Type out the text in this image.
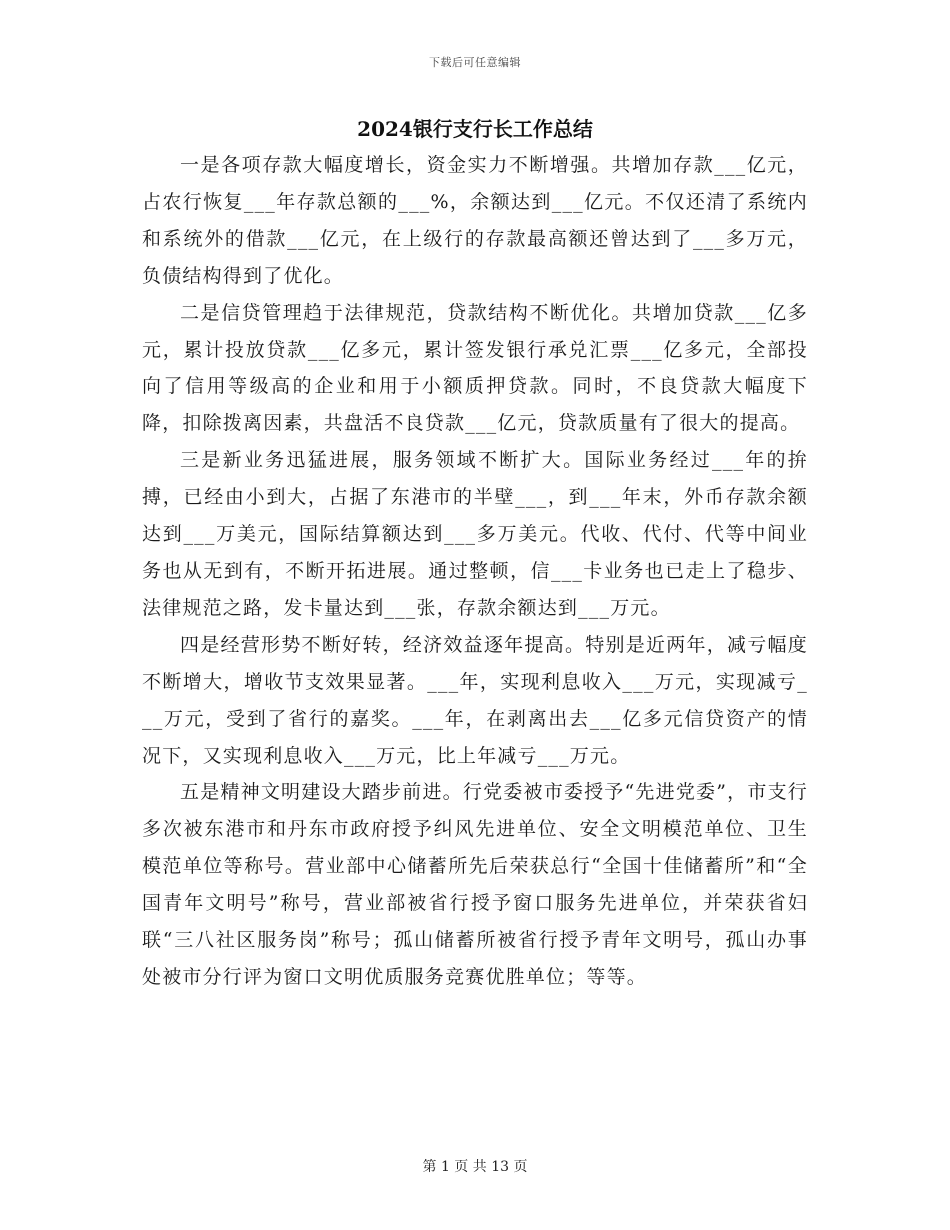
下载后可任意编辑
2024银行支行长工作总结

一是各项存款大幅度增长，资金实力不断增强。共增加存款___亿元，占农行恢复___年存款总额的___%，余额达到___亿元。不仅还清了系统内和系统外的借款___亿元，在上级行的存款最高额还曾达到了___多万元，负债结构得到了优化。

二是信贷管理趋于法律规范，贷款结构不断优化。共增加贷款___亿多元，累计投放贷款___亿多元，累计签发银行承兑汇票___亿多元，全部投向了信用等级高的企业和用于小额质押贷款。同时，不良贷款大幅度下降，扣除拨离因素，共盘活不良贷款___亿元，贷款质量有了很大的提高。

三是新业务迅猛进展，服务领域不断扩大。国际业务经过___年的拚搏，已经由小到大，占据了东港市的半壁___，到___年末，外币存款余额达到___万美元，国际结算额达到___多万美元。代收、代付、代等中间业务也从无到有，不断开拓进展。通过整顿，信___卡业务也已走上了稳步、法律规范之路，发卡量达到___张，存款余额达到___万元。

四是经营形势不断好转，经济效益逐年提高。特别是近两年，减亏幅度不断增大，增收节支效果显著。___年，实现利息收入___万元，实现减亏___万元，受到了省行的嘉奖。___年，在剥离出去___亿多元信贷资产的情况下，又实现利息收入___万元，比上年减亏___万元。

五是精神文明建设大踏步前进。行党委被市委授予“先进党委”，市支行多次被东港市和丹东市政府授予纠风先进单位、安全文明模范单位、卫生模范单位等称号。营业部中心储蓄所先后荣获总行“全国十佳储蓄所”和“全国青年文明号”称号，营业部被省行授予窗口服务先进单位，并荣获省妇联“三八社区服务岗”称号；孤山储蓄所被省行授予青年文明号，孤山办事处被市分行评为窗口文明优质服务竞赛优胜单位；等等。

第 1 页 共 13 页
